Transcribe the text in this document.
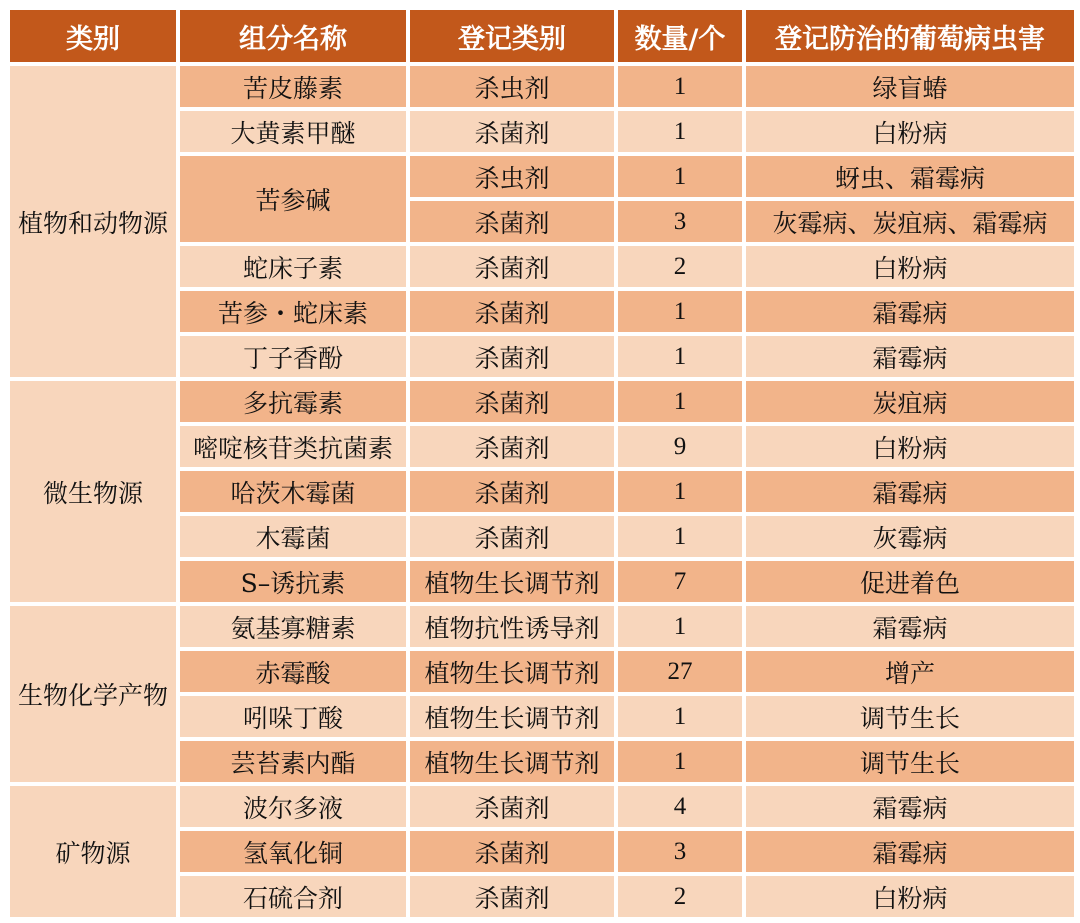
类别	组分名称	登记类别	数量/个	登记防治的葡萄病虫害
植物和动物源	苦皮藤素	杀虫剂	1	绿盲蝽
	大黄素甲醚	杀菌剂	1	白粉病
	苦参碱	杀虫剂	1	蚜虫、霜霉病
		杀菌剂	3	灰霉病、炭疽病、霜霉病
	蛇床子素	杀菌剂	2	白粉病
	苦参・蛇床素	杀菌剂	1	霜霉病
	丁子香酚	杀菌剂	1	霜霉病
微生物源	多抗霉素	杀菌剂	1	炭疽病
	嘧啶核苷类抗菌素	杀菌剂	9	白粉病
	哈茨木霉菌	杀菌剂	1	霜霉病
	木霉菌	杀菌剂	1	灰霉病
	S–诱抗素	植物生长调节剂	7	促进着色
生物化学产物	氨基寡糖素	植物抗性诱导剂	1	霜霉病
	赤霉酸	植物生长调节剂	27	增产
	吲哚丁酸	植物生长调节剂	1	调节生长
	芸苔素内酯	植物生长调节剂	1	调节生长
矿物源	波尔多液	杀菌剂	4	霜霉病
	氢氧化铜	杀菌剂	3	霜霉病
	石硫合剂	杀菌剂	2	白粉病
